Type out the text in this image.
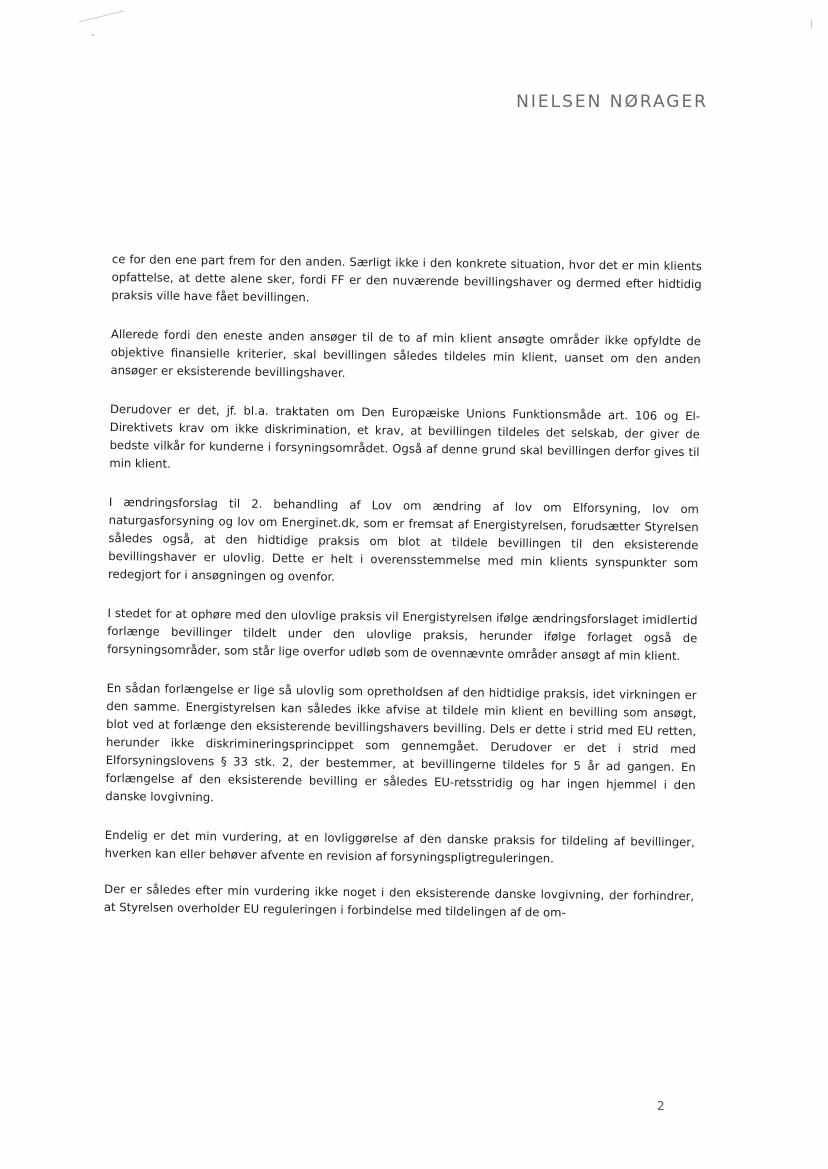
NIELSEN NØRAGER

ce for den ene part frem for den anden. Særligt ikke i den konkrete situation, hvor det er min klients opfattelse, at dette alene sker, fordi FF er den nuværende bevillingshaver og dermed efter hidtidig praksis ville have fået bevillingen.

Allerede fordi den eneste anden ansøger til de to af min klient ansøgte områder ikke opfyldte de objektive finansielle kriterier, skal bevillingen således tildeles min klient, uanset om den anden ansøger er eksisterende bevillingshaver.

Derudover er det, jf. bl.a. traktaten om Den Europæiske Unions Funktionsmåde art. 106 og El-Direktivets krav om ikke diskrimination, et krav, at bevillingen tildeles det selskab, der giver de bedste vilkår for kunderne i forsyningsområdet. Også af denne grund skal bevillingen derfor gives til min klient.

I ændringsforslag til 2. behandling af Lov om ændring af lov om Elforsyning, lov om naturgasforsyning og lov om Energinet.dk, som er fremsat af Energistyrelsen, forudsætter Styrelsen således også, at den hidtidige praksis om blot at tildele bevillingen til den eksisterende bevillingshaver er ulovlig. Dette er helt i overensstemmelse med min klients synspunkter som redegjort for i ansøgningen og ovenfor.

I stedet for at ophøre med den ulovlige praksis vil Energistyrelsen ifølge ændringsforslaget imidlertid forlænge bevillinger tildelt under den ulovlige praksis, herunder ifølge forlaget også de forsyningsområder, som står lige overfor udløb som de ovennævnte områder ansøgt af min klient.

En sådan forlængelse er lige så ulovlig som opretholdsen af den hidtidige praksis, idet virkningen er den samme. Energistyrelsen kan således ikke afvise at tildele min klient en bevilling som ansøgt, blot ved at forlænge den eksisterende bevillingshavers bevilling. Dels er dette i strid med EU retten, herunder ikke diskrimineringsprincippet som gennemgået. Derudover er det i strid med Elforsyningslovens § 33 stk. 2, der bestemmer, at bevillingerne tildeles for 5 år ad gangen. En forlængelse af den eksisterende bevilling er således EU-retsstridig og har ingen hjemmel i den danske lovgivning.

Endelig er det min vurdering, at en lovliggørelse af den danske praksis for tildeling af bevillinger, hverken kan eller behøver afvente en revision af forsyningspligtreguleringen.

Der er således efter min vurdering ikke noget i den eksisterende danske lovgivning, der forhindrer, at Styrelsen overholder EU reguleringen i forbindelse med tildelingen af de om-

2
